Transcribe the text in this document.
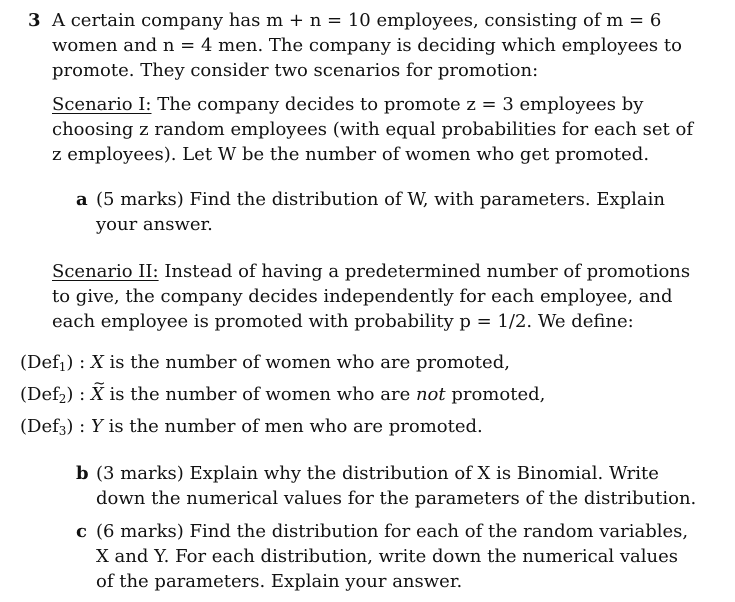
3 A certain company has m + n = 10 employees, consisting of m = 6
women and n = 4 men. The company is deciding which employees to
promote. They consider two scenarios for promotion:
Scenario I: The company decides to promote z = 3 employees by
choosing z random employees (with equal probabilities for each set of
z employees). Let W be the number of women who get promoted.
a (5 marks) Find the distribution of W, with parameters. Explain
your answer.
Scenario II: Instead of having a predetermined number of promotions
to give, the company decides independently for each employee, and
each employee is promoted with probability p = 1/2. We define:
(Def$_1$) : X is the number of women who are promoted,
(Def$_2$) : ~ X is the number of women who are not promoted,
(Def$_3$) : Y is the number of men who are promoted.
b (3 marks) Explain why the distribution of X is Binomial. Write
down the numerical values for the parameters of the distribution.
c (6 marks) Find the distribution for each of the random variables,
X and Y. For each distribution, write down the numerical values
of the parameters. Explain your answer.
